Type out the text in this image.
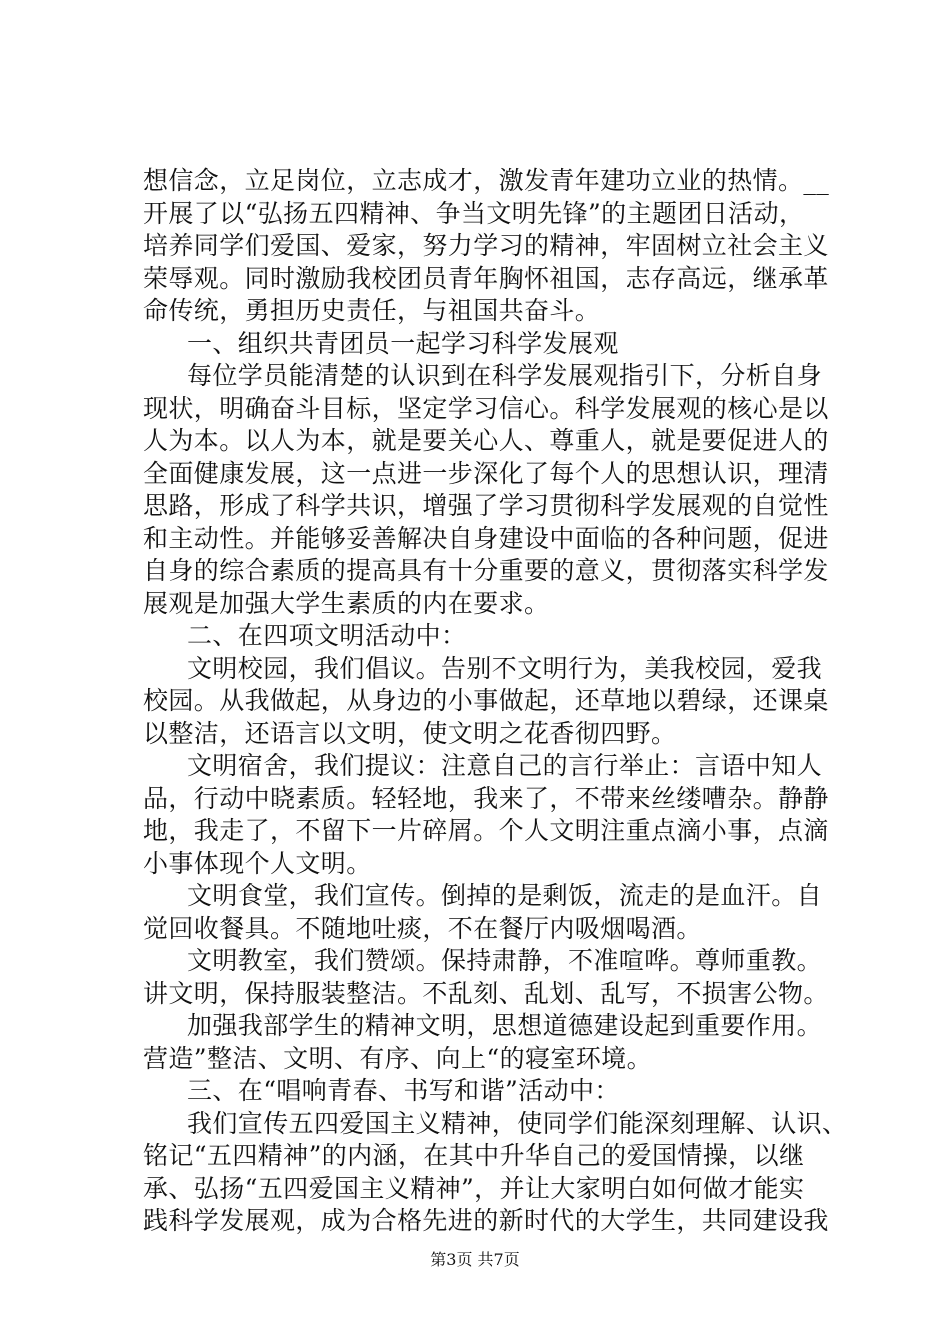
想信念，立足岗位，立志成才，激发青年建功立业的热情。__
开展了以“弘扬五四精神、争当文明先锋”的主题团日活动，
培养同学们爱国、爱家，努力学习的精神，牢固树立社会主义
荣辱观。同时激励我校团员青年胸怀祖国，志存高远，继承革
命传统，勇担历史责任，与祖国共奋斗。
一、组织共青团员一起学习科学发展观
每位学员能清楚的认识到在科学发展观指引下，分析自身
现状，明确奋斗目标，坚定学习信心。科学发展观的核心是以
人为本。以人为本，就是要关心人、尊重人，就是要促进人的
全面健康发展，这一点进一步深化了每个人的思想认识，理清
思路，形成了科学共识，增强了学习贯彻科学发展观的自觉性
和主动性。并能够妥善解决自身建设中面临的各种问题，促进
自身的综合素质的提高具有十分重要的意义，贯彻落实科学发
展观是加强大学生素质的内在要求。
二、在四项文明活动中：
文明校园，我们倡议。告别不文明行为，美我校园，爱我
校园。从我做起，从身边的小事做起，还草地以碧绿，还课桌
以整洁，还语言以文明，使文明之花香彻四野。
文明宿舍，我们提议：注意自己的言行举止：言语中知人
品，行动中晓素质。轻轻地，我来了，不带来丝缕嘈杂。静静
地，我走了，不留下一片碎屑。个人文明注重点滴小事，点滴
小事体现个人文明。
文明食堂，我们宣传。倒掉的是剩饭，流走的是血汗。自
觉回收餐具。不随地吐痰，不在餐厅内吸烟喝酒。
文明教室，我们赞颂。保持肃静，不准喧哗。尊师重教。
讲文明，保持服装整洁。不乱刻、乱划、乱写，不损害公物。
加强我部学生的精神文明，思想道德建设起到重要作用。
营造”整洁、文明、有序、向上“的寝室环境。
三、在“唱响青春、书写和谐”活动中：
我们宣传五四爱国主义精神，使同学们能深刻理解、认识、
铭记“五四精神”的内涵，在其中升华自己的爱国情操，以继
承、弘扬“五四爱国主义精神”，并让大家明白如何做才能实
践科学发展观，成为合格先进的新时代的大学生，共同建设我
第3页 共7页
